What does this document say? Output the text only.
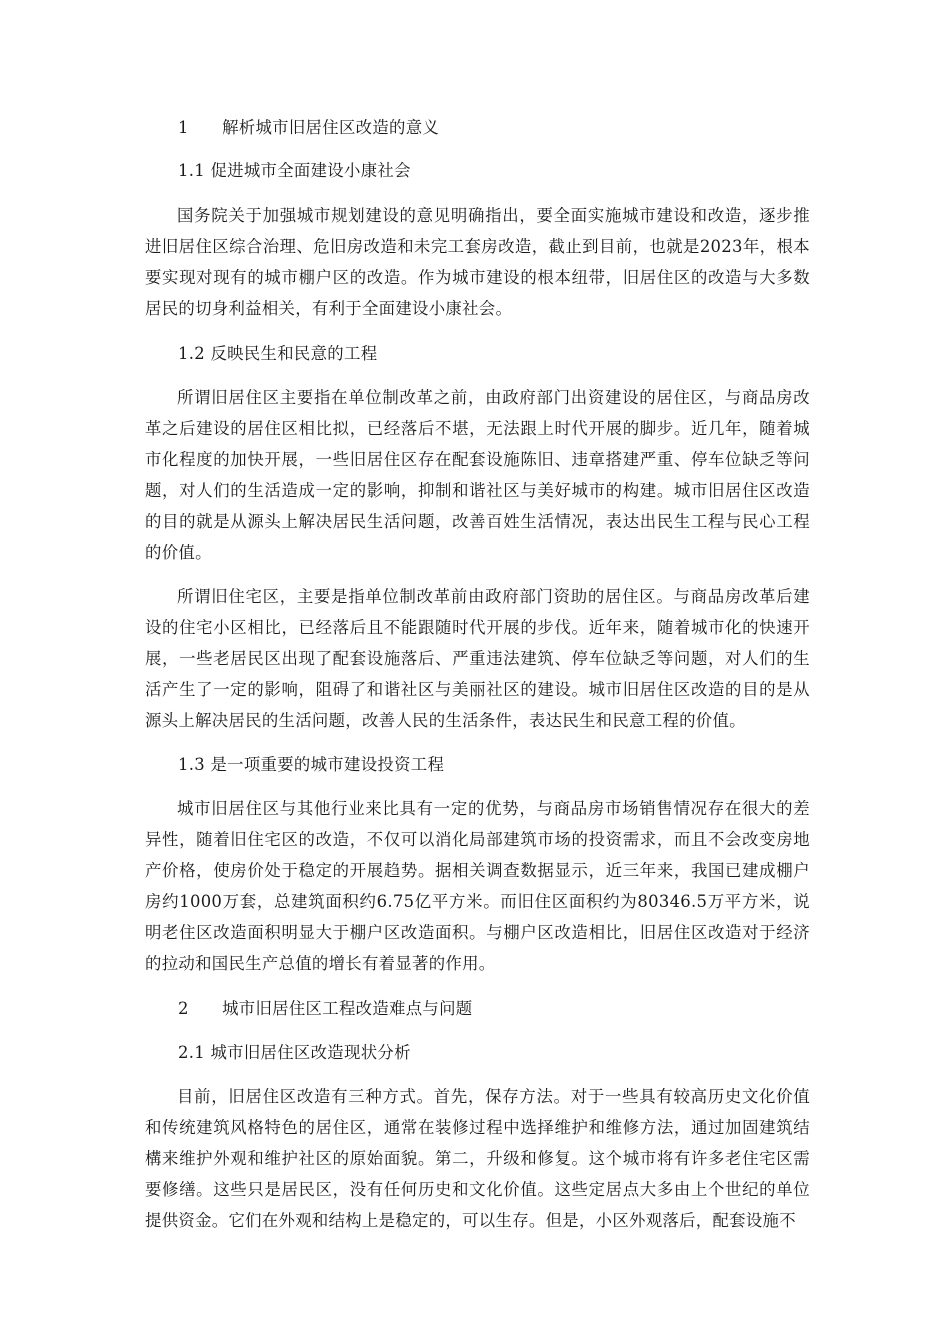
1　　解析城市旧居住区改造的意义
1.1 促进城市全面建设小康社会

国务院关于加强城市规划建设的意见明确指出，要全面实施城市建设和改造，逐步推进旧居住区综合治理、危旧房改造和未完工套房改造，截止到目前，也就是2023年，根本要实现对现有的城市棚户区的改造。作为城市建设的根本纽带，旧居住区的改造与大多数居民的切身利益相关，有利于全面建设小康社会。

1.2 反映民生和民意的工程

所谓旧居住区主要指在单位制改革之前，由政府部门出资建设的居住区，与商品房改革之后建设的居住区相比拟，已经落后不堪，无法跟上时代开展的脚步。近几年，随着城市化程度的加快开展，一些旧居住区存在配套设施陈旧、违章搭建严重、停车位缺乏等问题，对人们的生活造成一定的影响，抑制和谐社区与美好城市的构建。城市旧居住区改造的目的就是从源头上解决居民生活问题，改善百姓生活情况，表达出民生工程与民心工程的价值。

所谓旧住宅区，主要是指单位制改革前由政府部门资助的居住区。与商品房改革后建设的住宅小区相比，已经落后且不能跟随时代开展的步伐。近年来，随着城市化的快速开展，一些老居民区出现了配套设施落后、严重违法建筑、停车位缺乏等问题，对人们的生活产生了一定的影响，阻碍了和谐社区与美丽社区的建设。城市旧居住区改造的目的是从源头上解决居民的生活问题，改善人民的生活条件，表达民生和民意工程的价值。

1.3 是一项重要的城市建设投资工程

城市旧居住区与其他行业来比具有一定的优势，与商品房市场销售情况存在很大的差异性，随着旧住宅区的改造，不仅可以消化局部建筑市场的投资需求，而且不会改变房地产价格，使房价处于稳定的开展趋势。据相关调查数据显示，近三年来，我国已建成棚户房约1000万套，总建筑面积约6.75亿平方米。而旧住区面积约为80346.5万平方米，说明老住区改造面积明显大于棚户区改造面积。与棚户区改造相比，旧居住区改造对于经济的拉动和国民生产总值的增长有着显著的作用。

2　　城市旧居住区工程改造难点与问题
2.1 城市旧居住区改造现状分析

目前，旧居住区改造有三种方式。首先，保存方法。对于一些具有较高历史文化价值和传统建筑风格特色的居住区，通常在装修过程中选择维护和维修方法，通过加固建筑结構来维护外观和维护社区的原始面貌。第二，升级和修复。这个城市将有许多老住宅区需要修缮。这些只是居民区，没有任何历史和文化价值。这些定居点大多由上个世纪的单位提供资金。它们在外观和结构上是稳定的，可以生存。但是，小区外观落后，配套设施不
